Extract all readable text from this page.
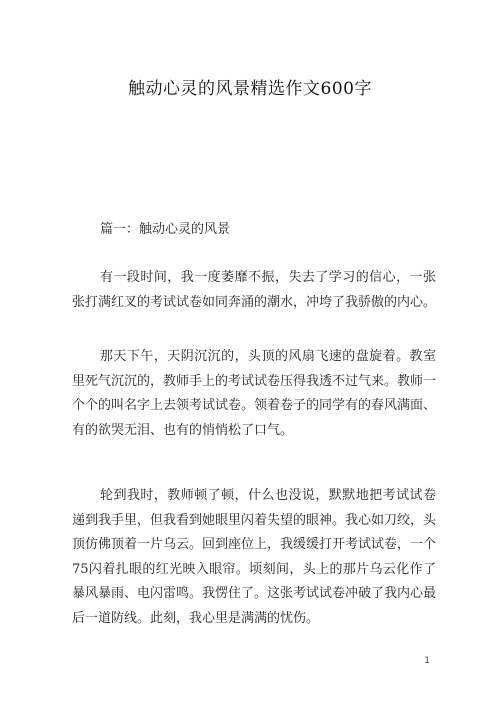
触动心灵的风景精选作文600字
篇一：触动心灵的风景

有一段时间，我一度萎靡不振，失去了学习的信心，一张张打满红叉的考试试卷如同奔涌的潮水，冲垮了我骄傲的内心。

那天下午，天阴沉沉的，头顶的风扇飞速的盘旋着。教室里死气沉沉的，教师手上的考试试卷压得我透不过气来。教师一个个的叫名字上去领考试试卷。领着卷子的同学有的春风满面、有的欲哭无泪、也有的悄悄松了口气。

轮到我时，教师顿了顿，什么也没说，默默地把考试试卷递到我手里，但我看到她眼里闪着失望的眼神。我心如刀绞，头顶仿佛顶着一片乌云。回到座位上，我缓缓打开考试试卷，一个75闪着扎眼的红光映入眼帘。顷刻间，头上的那片乌云化作了暴风暴雨、电闪雷鸣。我愣住了。这张考试试卷冲破了我内心最后一道防线。此刻，我心里是满满的忧伤。

1
